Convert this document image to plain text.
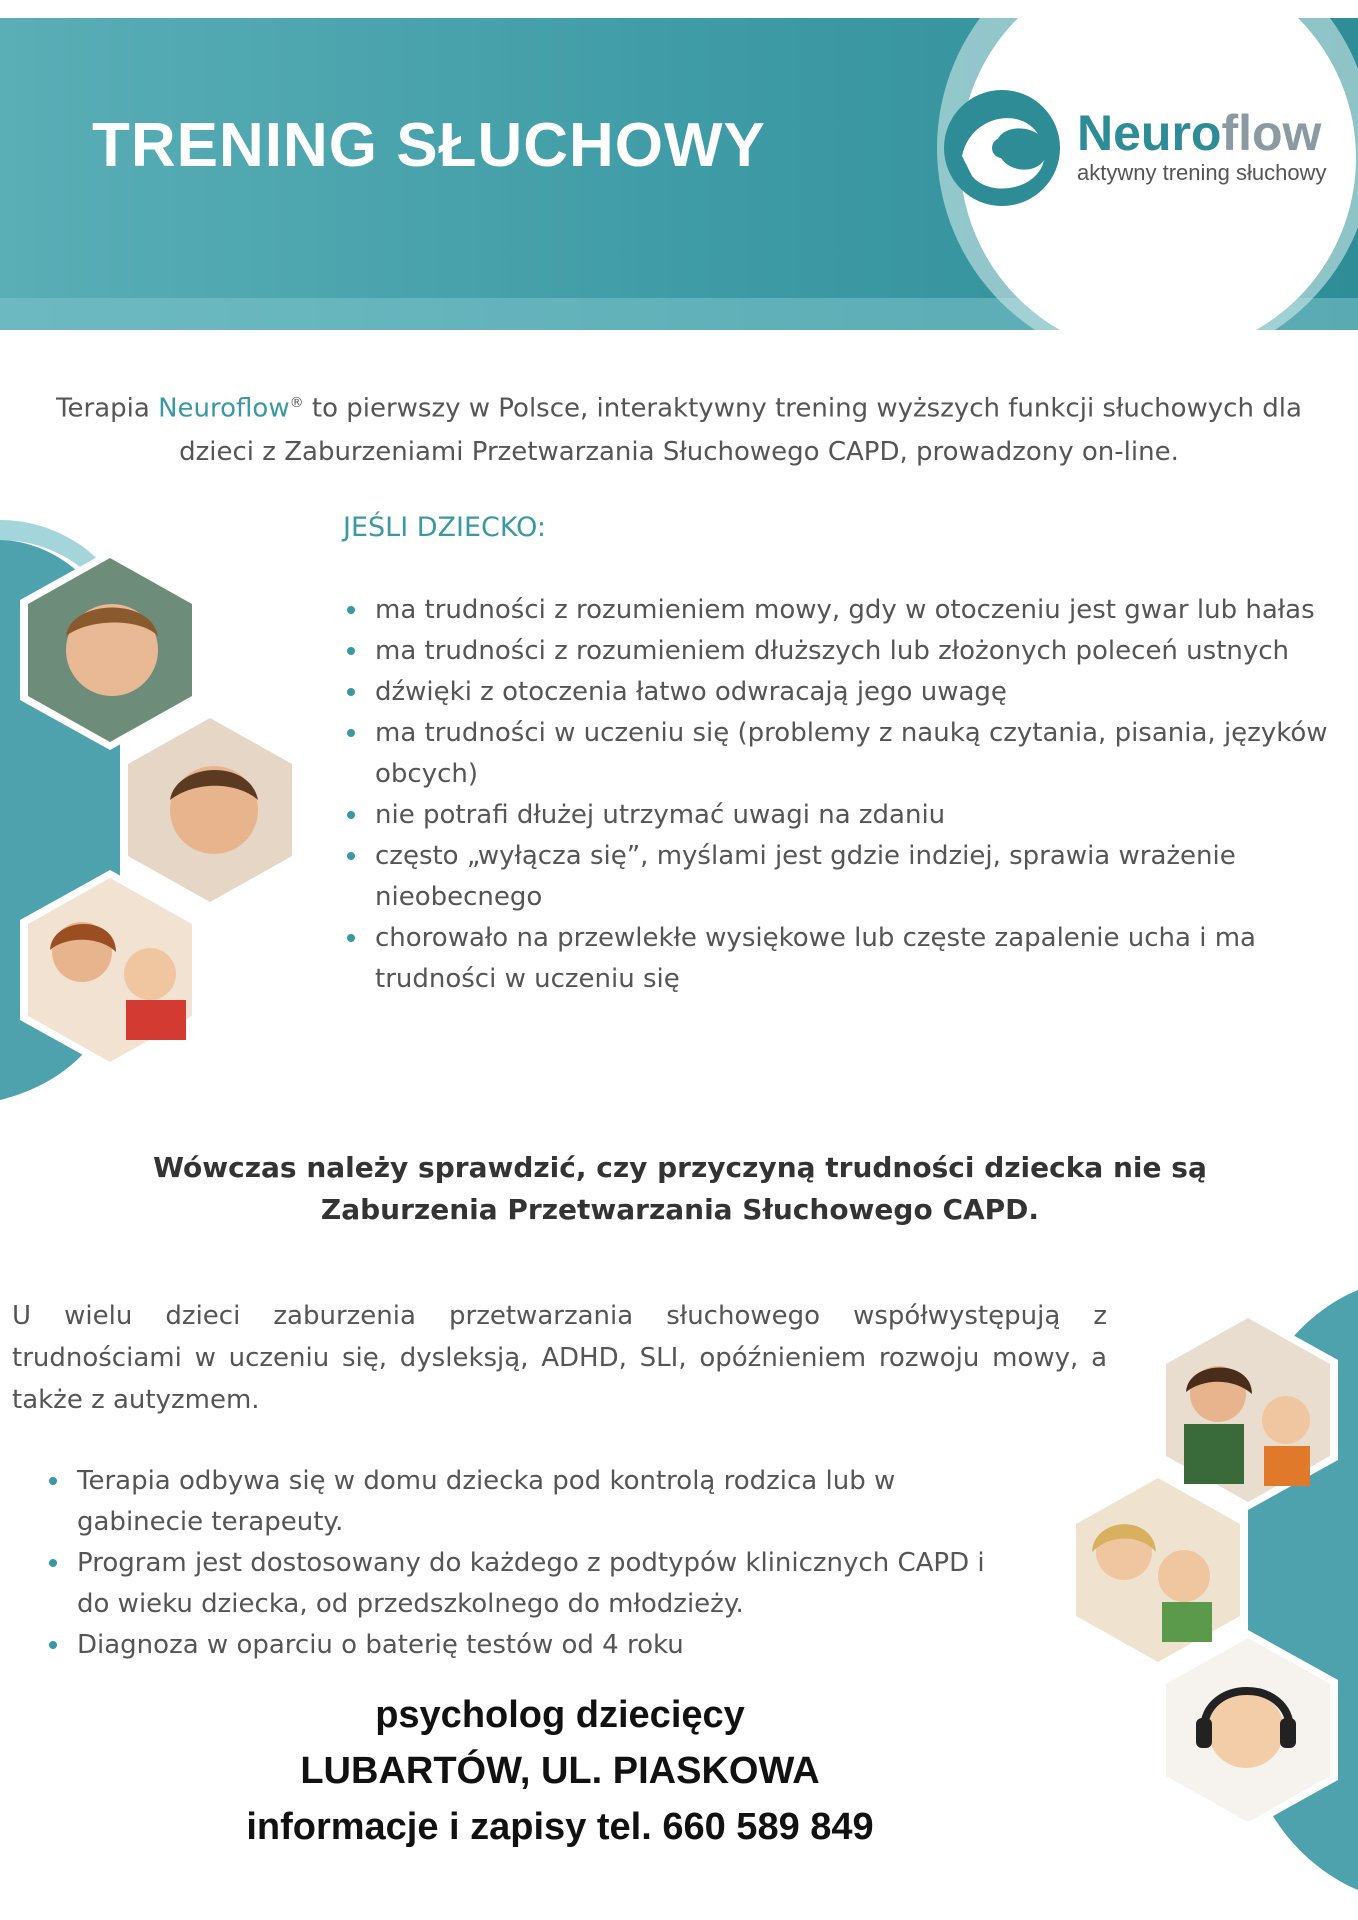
TRENING SŁUCHOWY	Neuroflow
aktywny trening słuchowy
Terapia Neuroflow® to pierwszy w Polsce, interaktywny trening wyższych funkcji słuchowych dla dzieci z Zaburzeniami Przetwarzania Słuchowego CAPD, prowadzony on-line.
JEŚLI DZIECKO:
ma trudności z rozumieniem mowy, gdy w otoczeniu jest gwar lub hałas
ma trudności z rozumieniem dłuższych lub złożonych poleceń ustnych
dźwięki z otoczenia łatwo odwracają jego uwagę
ma trudności w uczeniu się (problemy z nauką czytania, pisania, języków obcych)
nie potrafi dłużej utrzymać uwagi na zdaniu
często „wyłącza się”, myślami jest gdzie indziej, sprawia wrażenie nieobecnego
chorowało na przewlekłe wysiękowe lub częste zapalenie ucha i ma trudności w uczeniu się
Wówczas należy sprawdzić, czy przyczyną trudności dziecka nie są
Zaburzenia Przetwarzania Słuchowego CAPD.
U wielu dzieci zaburzenia przetwarzania słuchowego współwystępują z trudnościami w uczeniu się, dysleksją, ADHD, SLI, opóźnieniem rozwoju mowy, a także z autyzmem.
Terapia odbywa się w domu dziecka pod kontrolą rodzica lub w gabinecie terapeuty.
Program jest dostosowany do każdego z podtypów klinicznych CAPD i do wieku dziecka, od przedszkolnego do młodzieży.
Diagnoza w oparciu o baterię testów od 4 roku
psycholog dziecięcy
LUBARTÓW, UL. PIASKOWA
informacje i zapisy tel. 660 589 849
